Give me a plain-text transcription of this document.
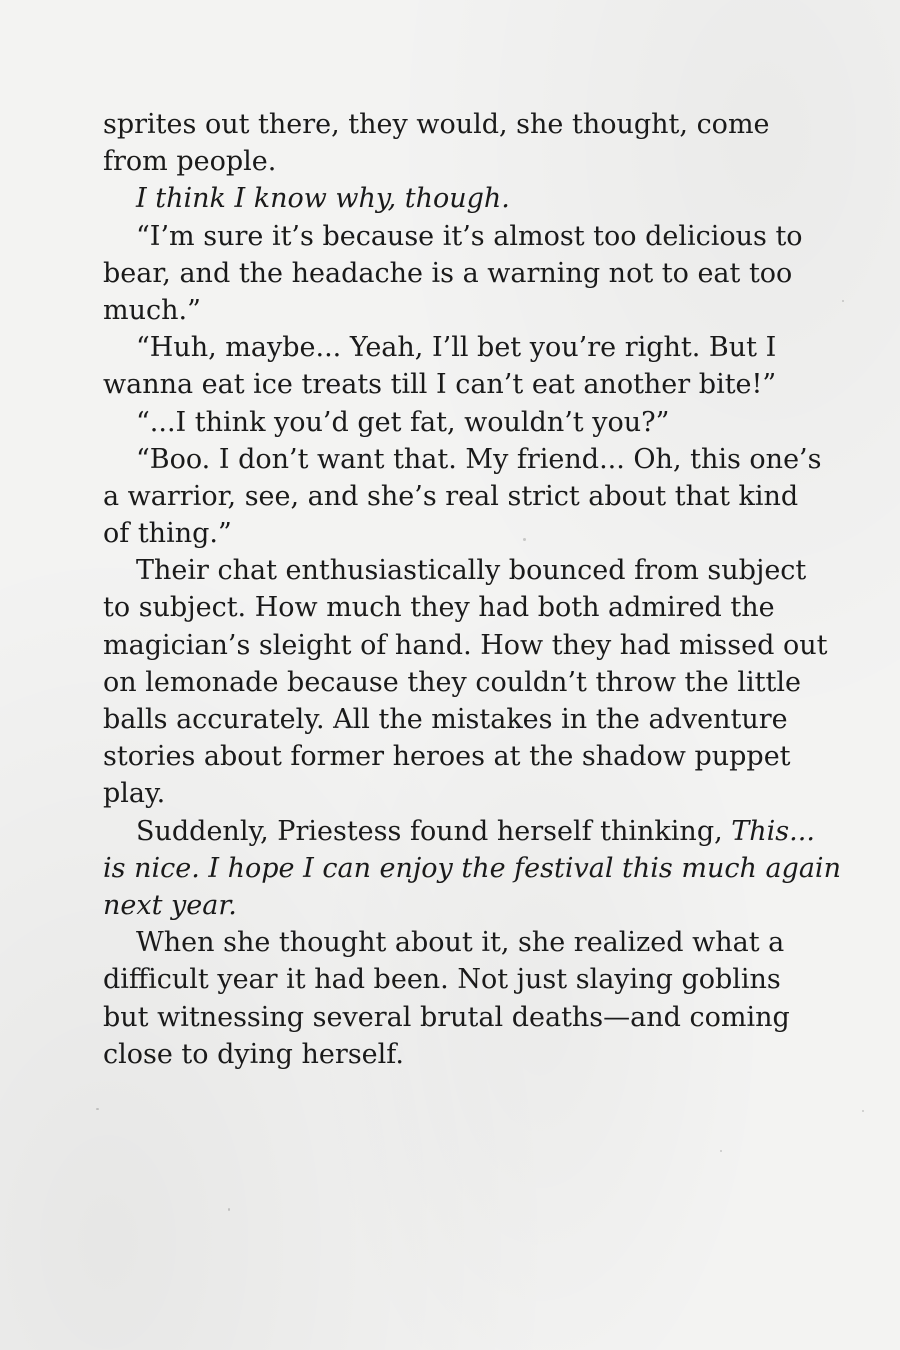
sprites out there, they would, she thought, come
from people.
I think I know why, though.
“I’m sure it’s because it’s almost too delicious to
bear, and the headache is a warning not to eat too
much.”
“Huh, maybe... Yeah, I’ll bet you’re right. But I
wanna eat ice treats till I can’t eat another bite!”
“...I think you’d get fat, wouldn’t you?”
“Boo. I don’t want that. My friend... Oh, this one’s
a warrior, see, and she’s real strict about that kind
of thing.”
Their chat enthusiastically bounced from subject
to subject. How much they had both admired the
magician’s sleight of hand. How they had missed out
on lemonade because they couldn’t throw the little
balls accurately. All the mistakes in the adventure
stories about former heroes at the shadow puppet
play.
Suddenly, Priestess found herself thinking, This...
is nice. I hope I can enjoy the festival this much again
next year.
When she thought about it, she realized what a
difficult year it had been. Not just slaying goblins
but witnessing several brutal deaths—and coming
close to dying herself.
